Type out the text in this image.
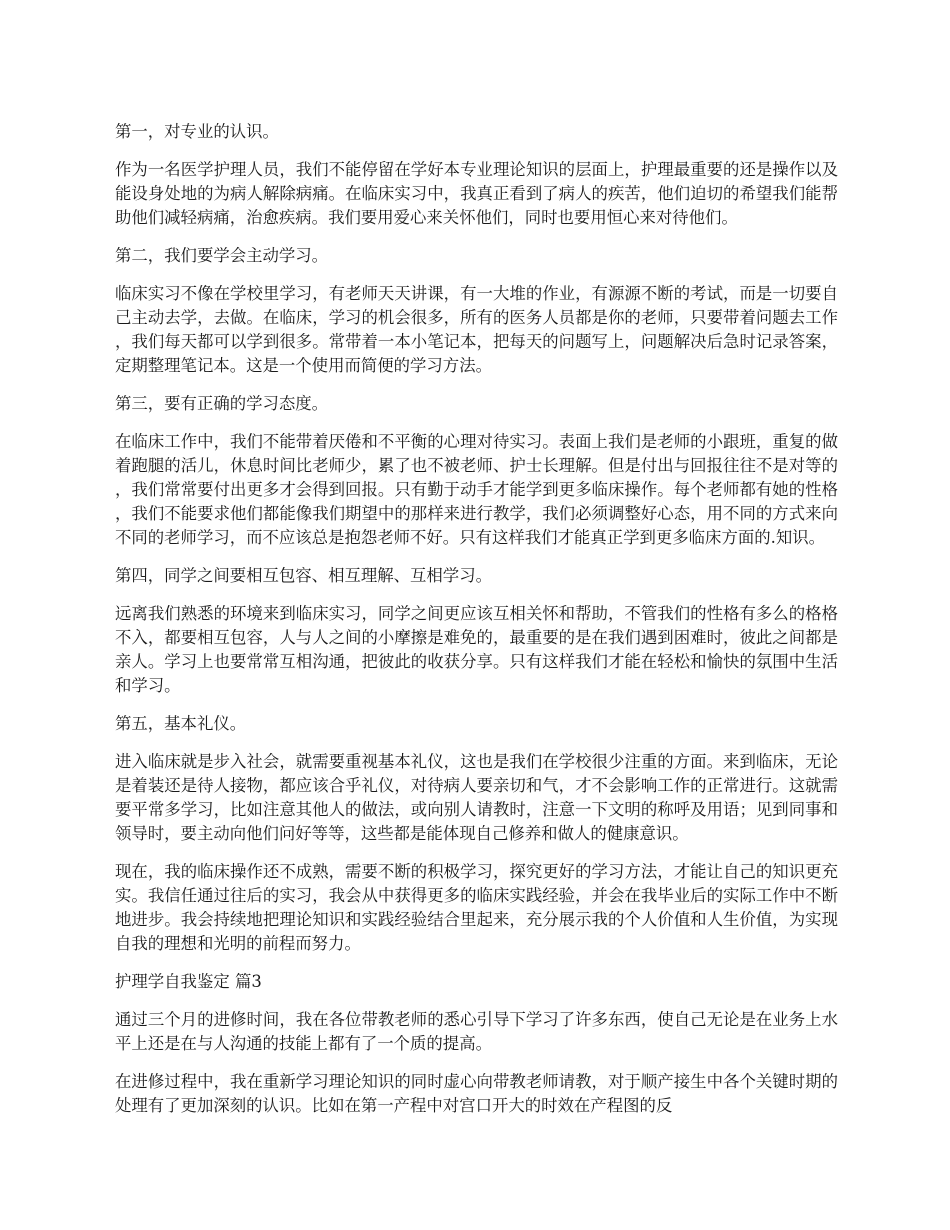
第一，对专业的认识。

作为一名医学护理人员，我们不能停留在学好本专业理论知识的层面上，护理最重要的还是操作以及能设身处地的为病人解除病痛。在临床实习中，我真正看到了病人的疾苦，他们迫切的希望我们能帮助他们减轻病痛，治愈疾病。我们要用爱心来关怀他们，同时也要用恒心来对待他们。

第二，我们要学会主动学习。

临床实习不像在学校里学习，有老师天天讲课，有一大堆的作业，有源源不断的考试，而是一切要自己主动去学，去做。在临床，学习的机会很多，所有的医务人员都是你的老师，只要带着问题去工作，我们每天都可以学到很多。常带着一本小笔记本，把每天的问题写上，问题解决后急时记录答案，定期整理笔记本。这是一个使用而简便的学习方法。

第三，要有正确的学习态度。

在临床工作中，我们不能带着厌倦和不平衡的心理对待实习。表面上我们是老师的小跟班，重复的做着跑腿的活儿，休息时间比老师少，累了也不被老师、护士长理解。但是付出与回报往往不是对等的，我们常常要付出更多才会得到回报。只有勤于动手才能学到更多临床操作。每个老师都有她的性格，我们不能要求他们都能像我们期望中的那样来进行教学，我们必须调整好心态，用不同的方式来向不同的老师学习，而不应该总是抱怨老师不好。只有这样我们才能真正学到更多临床方面的.知识。

第四，同学之间要相互包容、相互理解、互相学习。

远离我们熟悉的环境来到临床实习，同学之间更应该互相关怀和帮助，不管我们的性格有多么的格格不入，都要相互包容，人与人之间的小摩擦是难免的，最重要的是在我们遇到困难时，彼此之间都是亲人。学习上也要常常互相沟通，把彼此的收获分享。只有这样我们才能在轻松和愉快的氛围中生活和学习。

第五，基本礼仪。

进入临床就是步入社会，就需要重视基本礼仪，这也是我们在学校很少注重的方面。来到临床，无论是着装还是待人接物，都应该合乎礼仪，对待病人要亲切和气，才不会影响工作的正常进行。这就需要平常多学习，比如注意其他人的做法，或向别人请教时，注意一下文明的称呼及用语；见到同事和领导时，要主动向他们问好等等，这些都是能体现自己修养和做人的健康意识。

现在，我的临床操作还不成熟，需要不断的积极学习，探究更好的学习方法，才能让自己的知识更充实。我信任通过往后的实习，我会从中获得更多的临床实践经验，并会在我毕业后的实际工作中不断地进步。我会持续地把理论知识和实践经验结合里起来，充分展示我的个人价值和人生价值，为实现自我的理想和光明的前程而努力。

护理学自我鉴定 篇3

通过三个月的进修时间，我在各位带教老师的悉心引导下学习了许多东西，使自己无论是在业务上水平上还是在与人沟通的技能上都有了一个质的提高。

在进修过程中，我在重新学习理论知识的同时虚心向带教老师请教，对于顺产接生中各个关键时期的处理有了更加深刻的认识。比如在第一产程中对宫口开大的时效在产程图的反
